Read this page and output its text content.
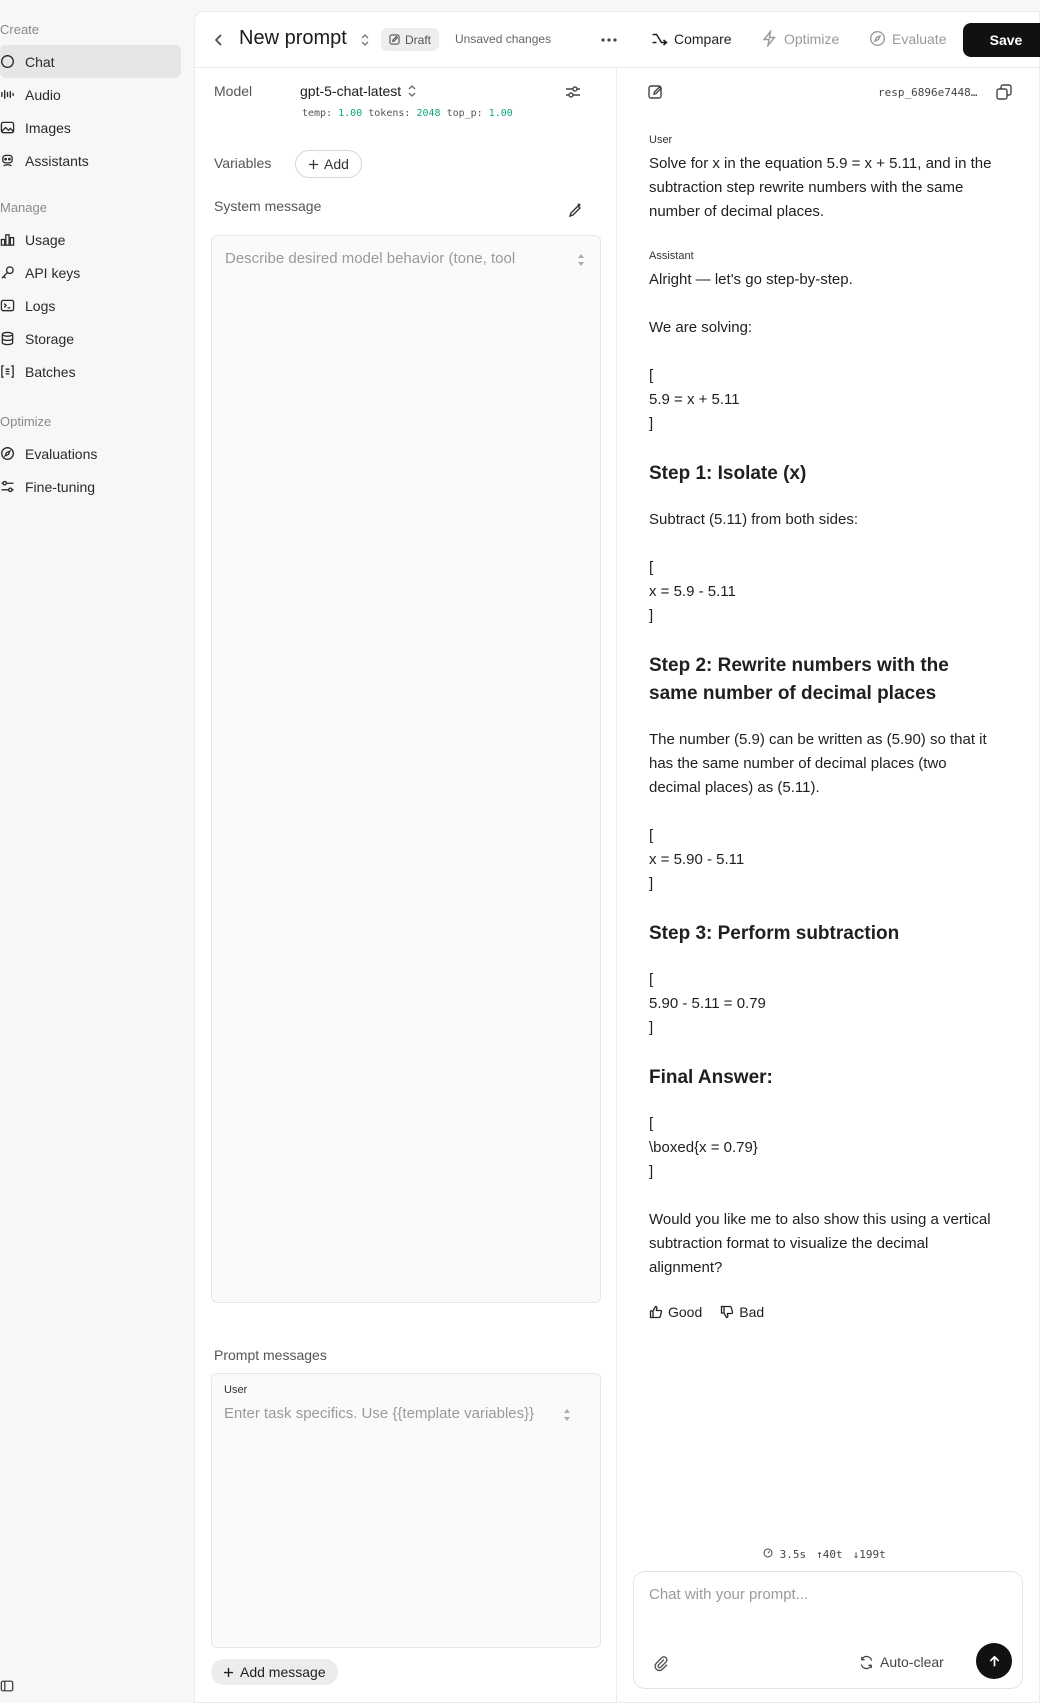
Create
Chat
Audio
Images
Assistants
Manage
Usage
API keys
Logs
Storage
Batches
Optimize
Evaluations
Fine-tuning
New prompt	Draft Unsaved changes	Compare	Optimize	Evaluate	Save
Model	gpt-5-chat-latest
temp: 1.00 tokens: 2048 top_p: 1.00
Variables	Add
System message
Describe desired model behavior (tone, tool
Prompt messages
User
Enter task specifics. Use {{template variables}}
Add message
resp_6896e7448…
User
Solve for x in the equation 5.9 = x + 5.11, and in the subtraction step rewrite numbers with the same number of decimal places.
Assistant
Alright — let's go step-by-step.
We are solving:
[
5.9 = x + 5.11
]
Step 1: Isolate (x)
Subtract (5.11) from both sides:
[
x = 5.9 - 5.11
]
Step 2: Rewrite numbers with the same number of decimal places
The number (5.9) can be written as (5.90) so that it has the same number of decimal places (two decimal places) as (5.11).
[
x = 5.90 - 5.11
]
Step 3: Perform subtraction
[
5.90 - 5.11 = 0.79
]
Final Answer:
[
\boxed{x = 0.79}
]
Would you like me to also show this using a vertical subtraction format to visualize the decimal alignment?
Good	Bad
3.5s ↑40t ↓199t
Chat with your prompt...
Auto-clear
